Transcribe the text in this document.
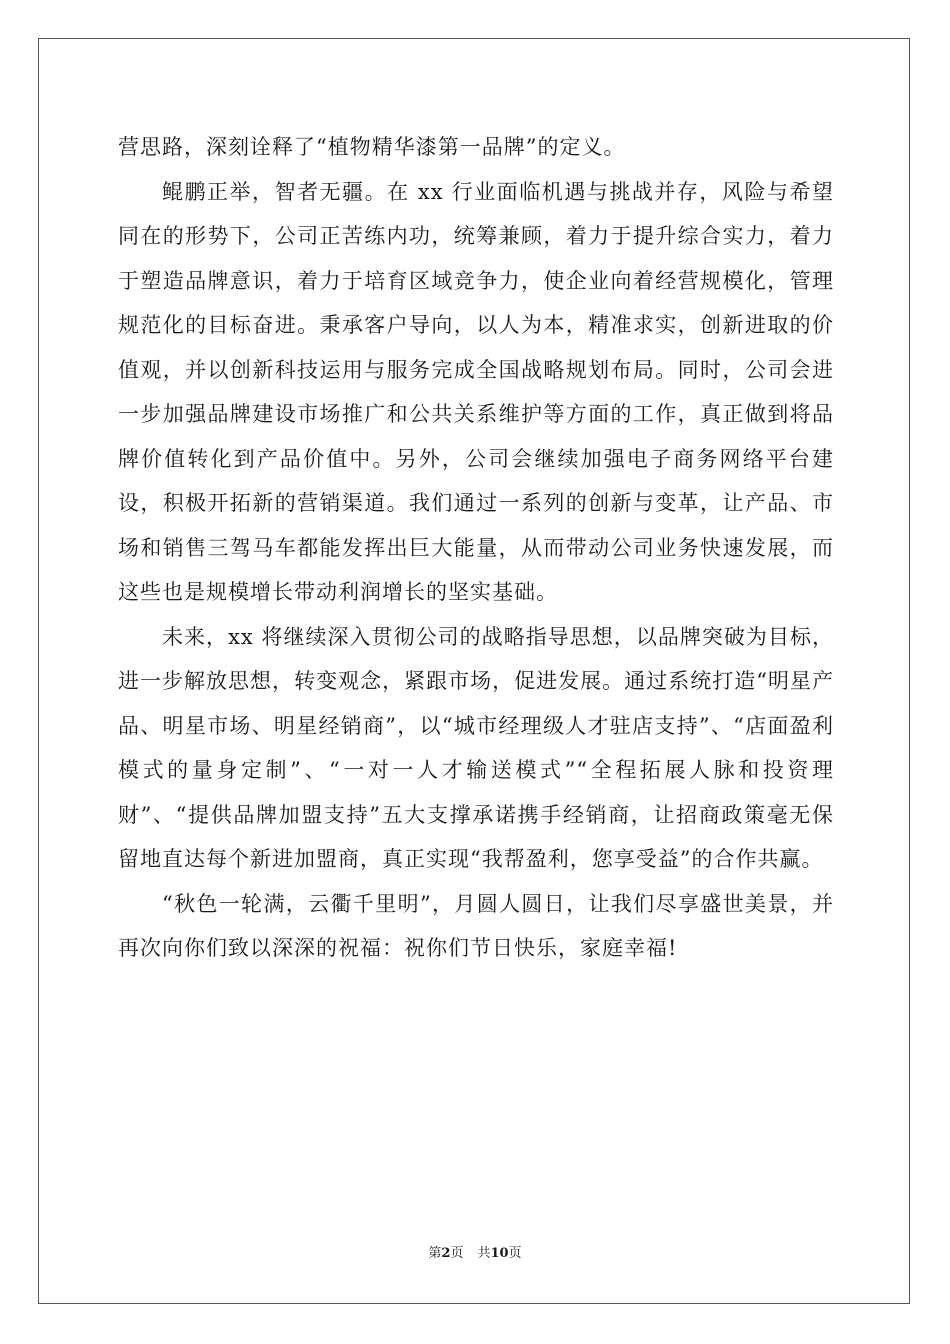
营思路，深刻诠释了“植物精华漆第一品牌”的定义。

鲲鹏正举，智者无疆。在 xx 行业面临机遇与挑战并存，风险与希望同在的形势下，公司正苦练内功，统筹兼顾，着力于提升综合实力，着力于塑造品牌意识，着力于培育区域竞争力，使企业向着经营规模化，管理规范化的目标奋进。秉承客户导向，以人为本，精准求实，创新进取的价值观，并以创新科技运用与服务完成全国战略规划布局。同时，公司会进一步加强品牌建设市场推广和公共关系维护等方面的工作，真正做到将品牌价值转化到产品价值中。另外，公司会继续加强电子商务网络平台建设，积极开拓新的营销渠道。我们通过一系列的创新与变革，让产品、市场和销售三驾马车都能发挥出巨大能量，从而带动公司业务快速发展，而这些也是规模增长带动利润增长的坚实基础。

未来，xx 将继续深入贯彻公司的战略指导思想，以品牌突破为目标，进一步解放思想，转变观念，紧跟市场，促进发展。通过系统打造“明星产品、明星市场、明星经销商”，以“城市经理级人才驻店支持”、“店面盈利模式的量身定制”、“一对一人才输送模式”“全程拓展人脉和投资理财”、“提供品牌加盟支持”五大支撑承诺携手经销商，让招商政策毫无保留地直达每个新进加盟商，真正实现“我帮盈利，您享受益”的合作共赢。

“秋色一轮满，云衢千里明”，月圆人圆日，让我们尽享盛世美景，并再次向你们致以深深的祝福：祝你们节日快乐，家庭幸福!

第2页 共10页
